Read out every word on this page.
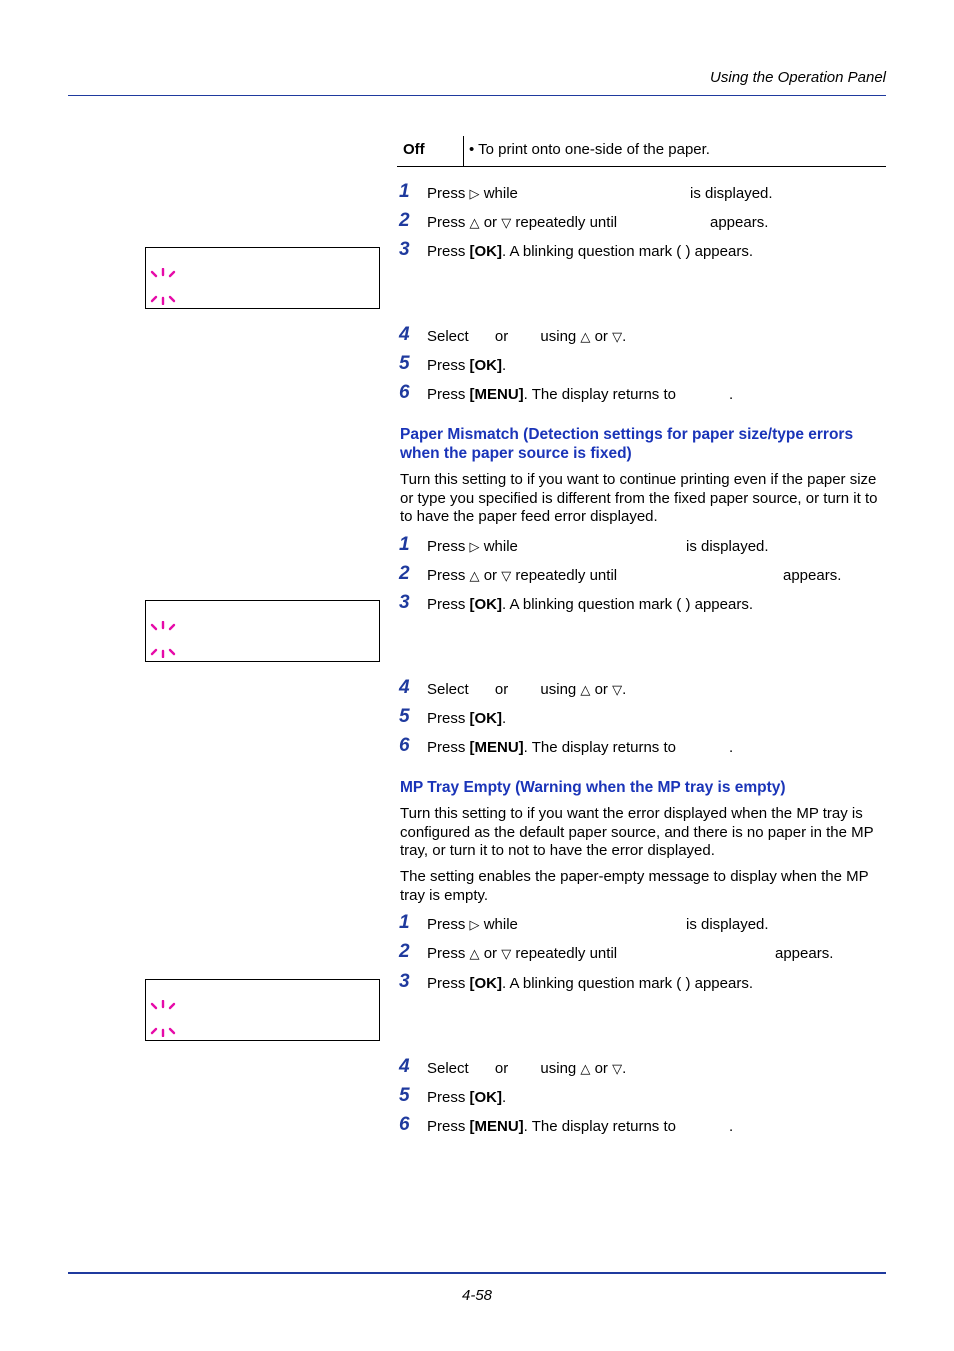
Using the Operation Panel
Off	• To print onto one-side of the paper.
1 Press ▷ while	is displayed.
2 Press △ or ▽ repeatedly until	appears.
3 Press [OK]. A blinking question mark ( ) appears.
4 Select or using △ or ▽.
5 Press [OK].
6 Press [MENU]. The display returns to	.
Paper Mismatch (Detection settings for paper size/type errors when the paper source is fixed)
Turn this setting to if you want to continue printing even if the paper size or type you specified is different from the fixed paper source, or turn it to to have the paper feed error displayed.
1 Press ▷ while	is displayed.
2 Press △ or ▽ repeatedly until	appears.
3 Press [OK]. A blinking question mark ( ) appears.
4 Select or using △ or ▽.
5 Press [OK].
6 Press [MENU]. The display returns to	.
MP Tray Empty (Warning when the MP tray is empty)
Turn this setting to if you want the error displayed when the MP tray is configured as the default paper source, and there is no paper in the MP tray, or turn it to not to have the error displayed.
The setting enables the paper-empty message to display when the MP tray is empty.
1 Press ▷ while	is displayed.
2 Press △ or ▽ repeatedly until	appears.
3 Press [OK]. A blinking question mark ( ) appears.
4 Select or using △ or ▽.
5 Press [OK].
6 Press [MENU]. The display returns to	.
4-58
